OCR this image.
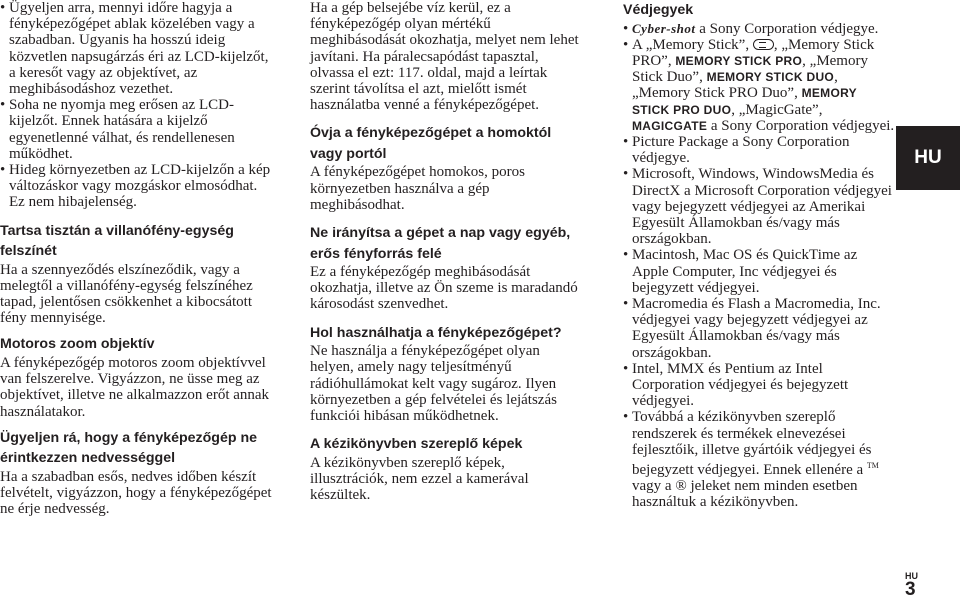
• Ügyeljen arra, mennyi időre hagyja a fényképezőgépet ablak közelében vagy a szabadban. Ugyanis ha hosszú ideig közvetlen napsugárzás éri az LCD-kijelzőt, a keresőt vagy az objektívet, az meghibásodáshoz vezethet.
• Soha ne nyomja meg erősen az LCD-kijelzőt. Ennek hatására a kijelző egyenetlenné válhat, és rendellenesen működhet.
• Hideg környezetben az LCD-kijelzőn a kép változáskor vagy mozgáskor elmosódhat. Ez nem hibajelenség.
Tartsa tisztán a villanófény-egység felszínét

Ha a szennyeződés elszíneződik, vagy a melegtől a villanófény-egység felszínéhez tapad, jelentősen csökkenhet a kibocsátott fény mennyisége.

Motoros zoom objektív

A fényképezőgép motoros zoom objektívvel van felszerelve. Vigyázzon, ne üsse meg az objektívet, illetve ne alkalmazzon erőt annak használatakor.

Ügyeljen rá, hogy a fényképezőgép ne érintkezzen nedvességgel

Ha a szabadban esős, nedves időben készít felvételt, vigyázzon, hogy a fényképezőgépet ne érje nedvesség.

Ha a gép belsejébe víz kerül, ez a fényképezőgép olyan mértékű meghibásodását okozhatja, melyet nem lehet javítani. Ha páralecsapódást tapasztal, olvassa el ezt: 117. oldal, majd a leírtak szerint távolítsa el azt, mielőtt ismét használatba venné a fényképezőgépet.

Óvja a fényképezőgépet a homoktól vagy portól

A fényképezőgépet homokos, poros környezetben használva a gép meghibásodhat.

Ne irányítsa a gépet a nap vagy egyéb, erős fényforrás felé

Ez a fényképezőgép meghibásodását okozhatja, illetve az Ön szeme is maradandó károsodást szenvedhet.

Hol használhatja a fényképezőgépet?

Ne használja a fényképezőgépet olyan helyen, amely nagy teljesítményű rádióhullámokat kelt vagy sugároz. Ilyen környezetben a gép felvételei és lejátszás funkciói hibásan működhetnek.

A kézikönyvben szereplő képek

A kézikönyvben szereplő képek, illusztrációk, nem ezzel a kamerával készültek.

Védjegyek
• Cyber-shot a Sony Corporation védjegye.
• A „Memory Stick”, , „Memory Stick PRO”, MEMORY STICK PRO, „Memory Stick Duo”, MEMORY STICK DUO, „Memory Stick PRO Duo”, MEMORY STICK PRO DUO, „MagicGate”, MAGICGATE a Sony Corporation védjegyei.
• Picture Package a Sony Corporation védjegye.
• Microsoft, Windows, WindowsMedia és DirectX a Microsoft Corporation védjegyei vagy bejegyzett védjegyei az Amerikai Egyesült Államokban és/vagy más országokban.
• Macintosh, Mac OS és QuickTime az Apple Computer, Inc védjegyei és bejegyzett védjegyei.
• Macromedia és Flash a Macromedia, Inc. védjegyei vagy bejegyzett védjegyei az Egyesült Államokban és/vagy más országokban.
• Intel, MMX és Pentium az Intel Corporation védjegyei és bejegyzett védjegyei.
• Továbbá a kézikönyvben szereplő rendszerek és termékek elnevezései fejlesztőik, illetve gyártóik védjegyei és bejegyzett védjegyei. Ennek ellenére a ™ vagy a ® jeleket nem minden esetben használtuk a kézikönyvben.
HU
HU
3
